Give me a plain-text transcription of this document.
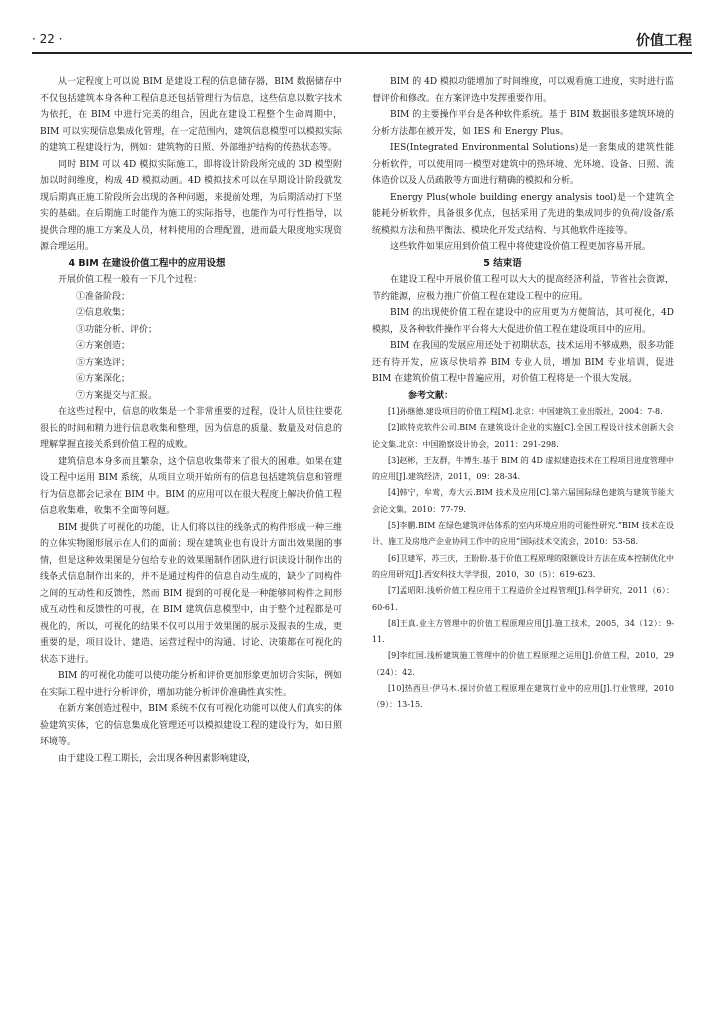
· 22 ·	价值工程

从一定程度上可以说 BIM 是建设工程的信息储存器，BIM 数据储存中不仅包括建筑本身各种工程信息还包括管理行为信息，这些信息以数字技术为依托，在 BIM 中进行完美的组合，因此在建设工程整个生命周期中，BIM 可以实现信息集成化管理，在一定范围内，建筑信息模型可以模拟实际的建筑工程建设行为，例如：建筑物的日照、外部维护结构的传热状态等。

同时 BIM 可以 4D 模拟实际施工，即将设计阶段所完成的 3D 模型附加以时间维度，构成 4D 模拟动画。4D 模拟技术可以在早期设计阶段就发现后期真正施工阶段所会出现的各种问题，来提前处理，为后期活动打下坚实的基础。在后期施工时能作为施工的实际指导，也能作为可行性指导，以提供合理的施工方案及人员，材料使用的合理配置，进而最大限度地实现资源合理运用。

4 BIM 在建设价值工程中的应用设想

开展价值工程一般有一下几个过程：

①准备阶段；

②信息收集；

③功能分析、评价；

④方案创造；

⑤方案选评；

⑥方案深化；

⑦方案提交与汇报。

在这些过程中，信息的收集是一个非常重要的过程，设计人员往往要花很长的时间和精力进行信息收集和整理，因为信息的质量、数量及对信息的理解掌握直接关系到价值工程的成败。

建筑信息本身多而且繁杂，这个信息收集带来了很大的困难。如果在建设工程中运用 BIM 系统，从项目立项开始所有的信息包括建筑信息和管理行为信息都会记录在 BIM 中。BIM 的应用可以在很大程度上解决价值工程信息收集难，收集不全面等问题。

BIM 提供了可视化的功能，让人们将以往的线条式的构件形成一种三维的立体实物图形展示在人们的面前；现在建筑业也有设计方面出效果图的事情，但是这种效果图是分包给专业的效果图制作团队进行识读设计制作出的线条式信息制作出来的，并不是通过构件的信息自动生成的，缺少了同构件之间的互动性和反馈性，然而 BIM 提到的可视化是一种能够同构件之间形成互动性和反馈性的可视，在 BIM 建筑信息模型中，由于整个过程都是可视化的，所以，可视化的结果不仅可以用于效果图的展示及报表的生成，更重要的是，项目设计、建造、运营过程中的沟通、讨论、决策都在可视化的状态下进行。

BIM 的可视化功能可以使功能分析和评价更加形象更加切合实际，例如在实际工程中进行分析评价，增加功能分析评价准确性真实性。

在新方案创造过程中，BIM 系统不仅有可视化功能可以使人们真实的体验建筑实体，它的信息集成化管理还可以模拟建设工程的建设行为，如日照环境等。

由于建设工程工期长，会出现各种因素影响建设，

BIM 的 4D 模拟功能增加了时间维度，可以观看施工进度，实时进行监督评价和修改。在方案评选中发挥重要作用。

BIM 的主要操作平台是各种软件系统。基于 BIM 数据很多建筑环境的分析方法都在被开发，如 IES 和 Energy Plus。

IES(Integrated Environmental Solutions)是一套集成的建筑性能分析软件，可以使用同一模型对建筑中的热环境、光环境、设备、日照、流体造价以及人员疏散等方面进行精确的模拟和分析。

Energy Plus(whole building energy analysis tool)是一个建筑全能耗分析软件，具备很多优点，包括采用了先进的集成同步的负荷/设备/系统模拟方法和热平衡法、模块化开发式结构、与其他软件连接等。

这些软件如果应用到价值工程中将使建设价值工程更加容易开展。

5 结束语

在建设工程中开展价值工程可以大大的提高经济利益，节省社会资源，节约能源，应极力推广价值工程在建设工程中的应用。

BIM 的出现使价值工程在建设中的应用更为方便简洁，其可视化，4D 模拟，及各种软件操作平台将大大促进价值工程在建设项目中的应用。

BIM 在我国的发展应用还处于初期状态，技术运用不够成熟，很多功能还有待开发，应该尽快培养 BIM 专业人员，增加 BIM 专业培训，促进 BIM 在建筑价值工程中普遍应用，对价值工程将是一个很大发展。

参考文献：

[1]孙继德.建设项目的价值工程[M].北京：中国建筑工业出版社，2004：7-8.

[2]欧特克软件公司.BIM 在建筑设计企业的实施[C].全国工程设计技术创新大会论文集.北京：中国勘察设计协会，2011：291-298.

[3]赵彬，王友群，牛博生.基于 BIM 的 4D 虚拟建造技术在工程项目进度管理中的应用[J].建筑经济，2011，09：28-34.

[4]韩宁，牟莺，寿大云.BIM 技术及应用[C].第六届国际绿色建筑与建筑节能大会论文集，2010：77-79.

[5]李鹏.BIM 在绿色建筑评估体系的室内环境应用的可能性研究.“BIM 技术在设计、施工及房地产企业协同工作中的应用”国际技术交流会，2010：53-58.

[6]卫建军，苏三庆，王盼盼.基于价值工程原理的限额设计方法在成本控制优化中的应用研究[J].西安科技大学学报，2010，30（5）：619-623.

[7]孟昭阳.浅析价值工程应用于工程造价全过程管理[J].科学研究，2011（6）：60-61.

[8]王真.业主方管理中的价值工程原理应用[J].施工技术，2005，34（12）：9-11.

[9]李红国.浅析建筑施工管理中的价值工程原理之运用[J].价值工程，2010，29（24）：42.

[10]热西旦·伊马木.探讨价值工程原理在建筑行业中的应用[J].行业管理，2010（9）：13-15.
